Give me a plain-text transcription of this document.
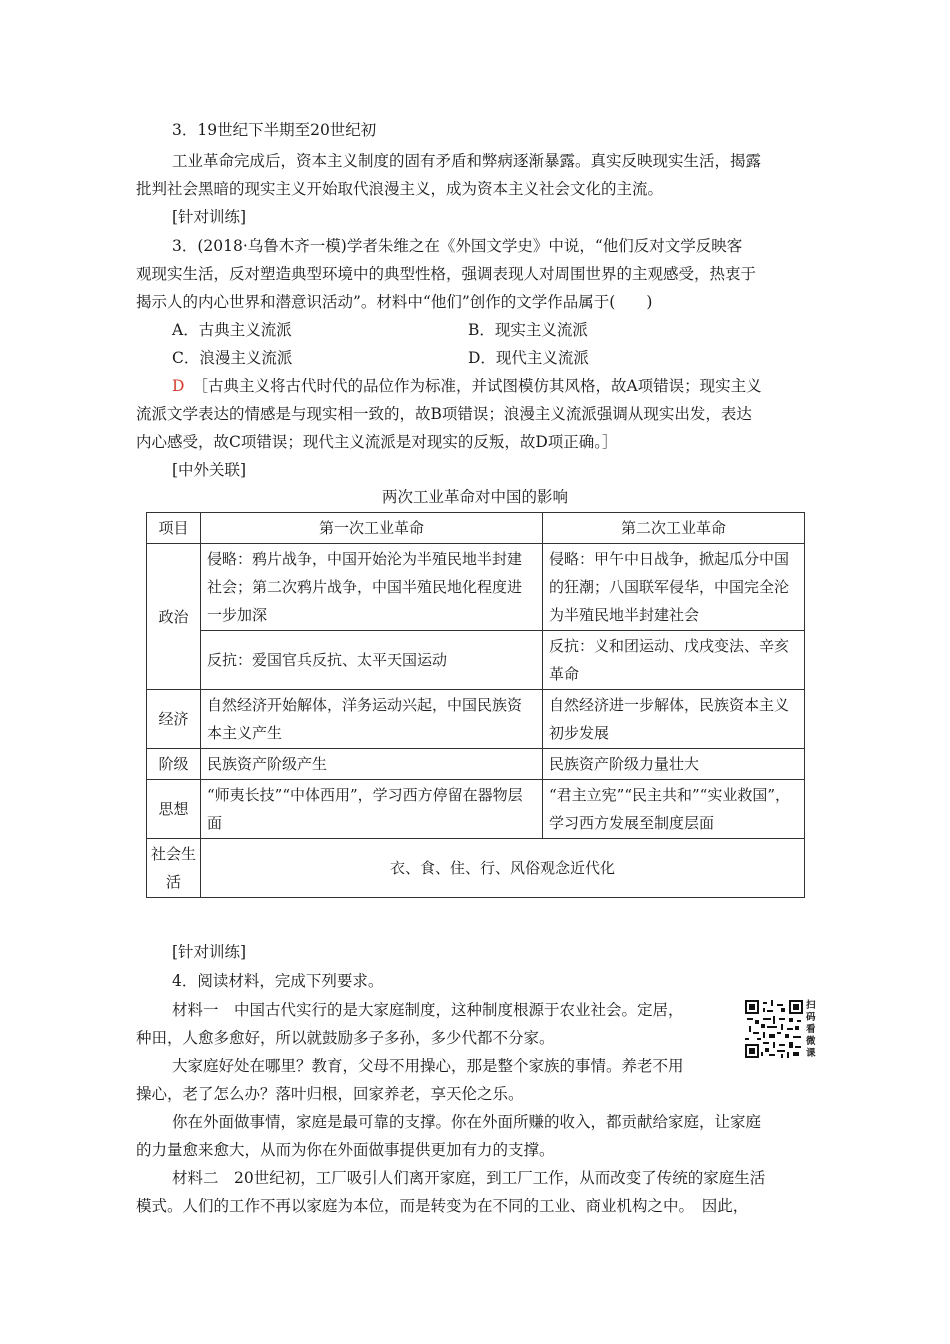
3．19世纪下半期至20世纪初
工业革命完成后，资本主义制度的固有矛盾和弊病逐渐暴露。真实反映现实生活，揭露
批判社会黑暗的现实主义开始取代浪漫主义，成为资本主义社会文化的主流。
[针对训练]
3．(2018·乌鲁木齐一模)学者朱维之在《外国文学史》中说，“他们反对文学反映客
观现实生活，反对塑造典型环境中的典型性格，强调表现人对周围世界的主观感受，热衷于
揭示人的内心世界和潜意识活动”。材料中“他们”创作的文学作品属于(　　)
A．古典主义流派	B．现实主义流派
C．浪漫主义流派	D．现代主义流派
D ［古典主义将古代时代的品位作为标准，并试图模仿其风格，故A项错误；现实主义
流派文学表达的情感是与现实相一致的，故B项错误；浪漫主义流派强调从现实出发，表达
内心感受，故C项错误；现代主义流派是对现实的反叛，故D项正确。］
[中外关联]
两次工业革命对中国的影响
项目	第一次工业革命	第二次工业革命
政治	侵略：鸦片战争，中国开始沦为半殖民地半封建社会；第二次鸦片战争，中国半殖民地化程度进一步加深	侵略：甲午中日战争，掀起瓜分中国的狂潮；八国联军侵华，中国完全沦为半殖民地半封建社会
	反抗：爱国官兵反抗、太平天国运动	反抗：义和团运动、戊戌变法、辛亥革命
经济	自然经济开始解体，洋务运动兴起，中国民族资本主义产生	自然经济进一步解体，民族资本主义初步发展
阶级	民族资产阶级产生	民族资产阶级力量壮大
思想	“师夷长技”“中体西用”，学习西方停留在器物层面	“君主立宪”“民主共和”“实业救国”，学习西方发展至制度层面
社会生活	衣、食、住、行、风俗观念近代化	
[针对训练]
4．阅读材料，完成下列要求。
材料一　中国古代实行的是大家庭制度，这种制度根源于农业社会。定居，
种田，人愈多愈好，所以就鼓励多子多孙，多少代都不分家。
大家庭好处在哪里？教育，父母不用操心，那是整个家族的事情。养老不用
操心，老了怎么办？落叶归根，回家养老，享天伦之乐。
你在外面做事情，家庭是最可靠的支撑。你在外面所赚的收入，都贡献给家庭，让家庭
的力量愈来愈大，从而为你在外面做事提供更加有力的支撑。
材料二　20世纪初，工厂吸引人们离开家庭，到工厂工作，从而改变了传统的家庭生活
模式。人们的工作不再以家庭为本位，而是转变为在不同的工业、商业机构之中。　因此，
扫码看微课
